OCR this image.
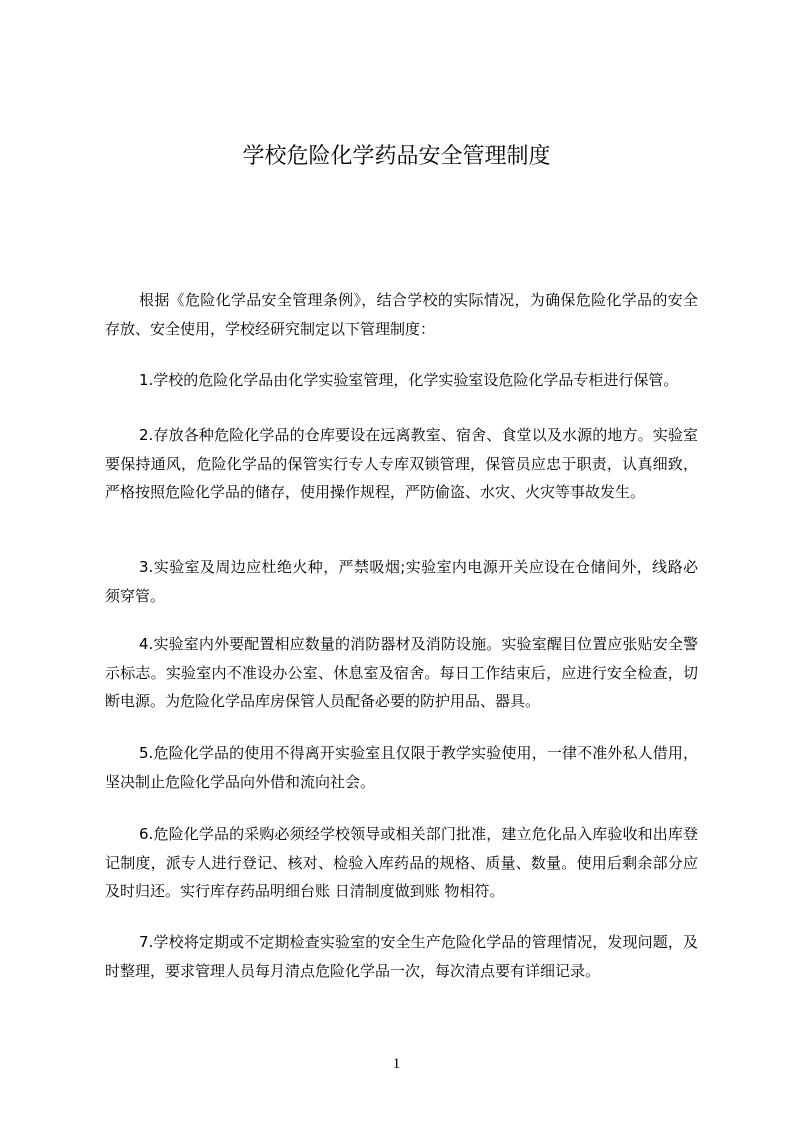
学校危险化学药品安全管理制度

根据《危险化学品安全管理条例》，结合学校的实际情况，为确保危险化学品的安全存放、安全使用，学校经研究制定以下管理制度：

1.学校的危险化学品由化学实验室管理，化学实验室设危险化学品专柜进行保管。

2.存放各种危险化学品的仓库要设在远离教室、宿舍、食堂以及水源的地方。实验室要保持通风，危险化学品的保管实行专人专库双锁管理，保管员应忠于职责，认真细致，严格按照危险化学品的储存，使用操作规程，严防偷盗、水灾、火灾等事故发生。

3.实验室及周边应杜绝火种，严禁吸烟;实验室内电源开关应设在仓储间外，线路必须穿管。

4.实验室内外要配置相应数量的消防器材及消防设施。实验室醒目位置应张贴安全警示标志。实验室内不准设办公室、休息室及宿舍。每日工作结束后，应进行安全检查，切断电源。为危险化学品库房保管人员配备必要的防护用品、器具。

5.危险化学品的使用不得离开实验室且仅限于教学实验使用，一律不准外私人借用，坚决制止危险化学品向外借和流向社会。

6.危险化学品的采购必须经学校领导或相关部门批准，建立危化品入库验收和出库登记制度，派专人进行登记、核对、检验入库药品的规格、质量、数量。使用后剩余部分应及时归还。实行库存药品明细台账 日清制度做到账 物相符。

7.学校将定期或不定期检查实验室的安全生产危险化学品的管理情况，发现问题，及时整理，要求管理人员每月清点危险化学品一次，每次清点要有详细记录。

1
